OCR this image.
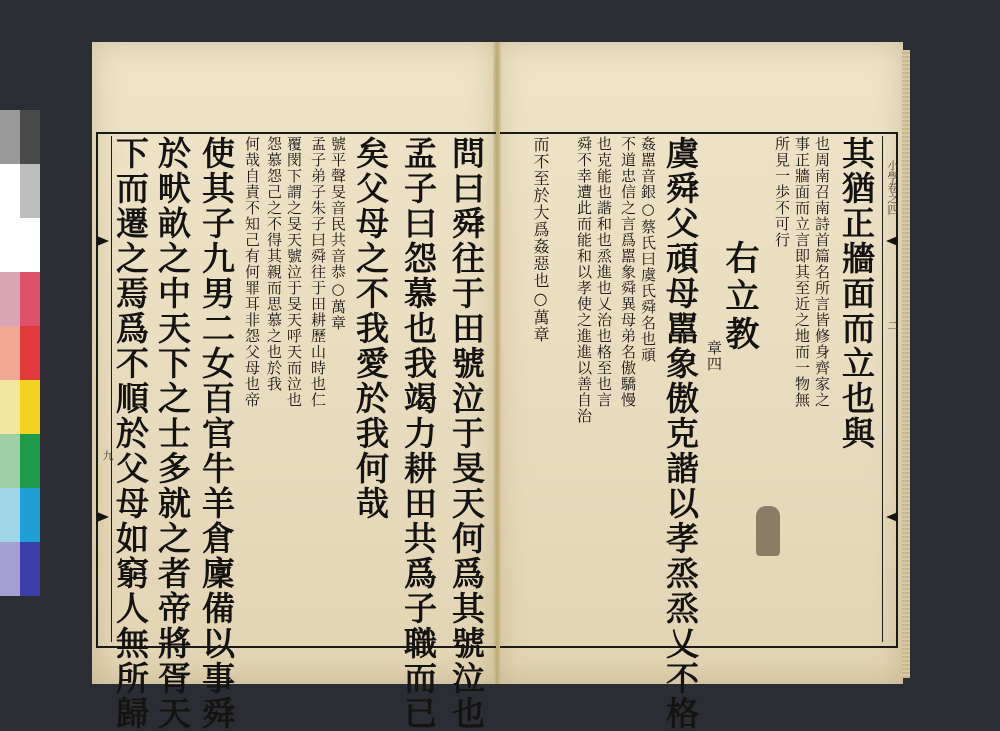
九
小學卷之四
二
其猶正牆面而立也與
也周南召南詩首篇名所言皆修身齊家之
事正牆面而立言即其至近之地而一物無
所見一歩不可行
右立教
章四
虞舜父頑母嚚象傲克諧以孝烝烝乂不格
姦嚚音銀○蔡氏曰虞氏舜名也頑
不道忠信之言爲嚚象舜異母弟名傲驕慢
也克能也諧和也烝進也乂治也格至也言
舜不幸遭此而能和以孝使之進進以善自治
而不至於大爲姦惡也○萬章
問曰舜往于田號泣于旻天何爲其號泣也
孟子曰怨慕也我竭力耕田共爲子職而已
矣父母之不我愛於我何哉
號平聲旻音民共音恭○萬章
孟子弟子朱子曰舜往于田耕歷山時也仁
覆閔下謂之旻天號泣于旻天呼天而泣也
怨慕怨己之不得其親而思慕之也於我
何哉自責不知己有何罪耳非怨父母也帝
使其子九男二女百官牛羊倉廩備以事舜
於畎畝之中天下之士多就之者帝將胥天
下而遷之焉爲不順於父母如窮人無所歸
